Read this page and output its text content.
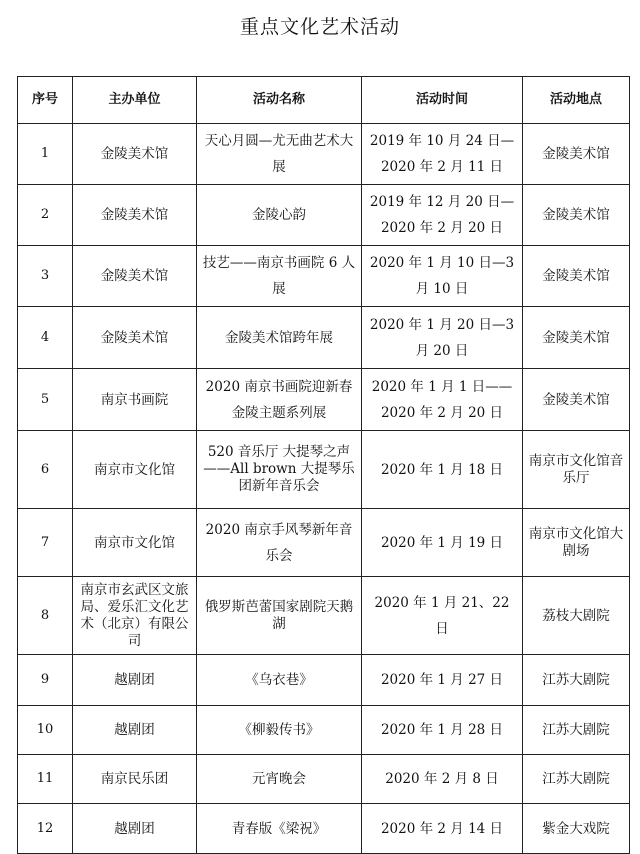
重点文化艺术活动
序号	主办单位	活动名称	活动时间	活动地点
1	金陵美术馆	天心月圆—尤无曲艺术大展	2019 年 10 月 24 日—2020 年 2 月 11 日	金陵美术馆
2	金陵美术馆	金陵心韵	2019 年 12 月 20 日—2020 年 2 月 20 日	金陵美术馆
3	金陵美术馆	技艺——南京书画院 6 人展	2020 年 1 月 10 日—3 月 10 日	金陵美术馆
4	金陵美术馆	金陵美术馆跨年展	2020 年 1 月 20 日—3 月 20 日	金陵美术馆
5	南京书画院	2020 南京书画院迎新春金陵主题系列展	2020 年 1 月 1 日——2020 年 2 月 20 日	金陵美术馆
6	南京市文化馆	520 音乐厅 大提琴之声——All brown 大提琴乐团新年音乐会	2020 年 1 月 18 日	南京市文化馆音乐厅
7	南京市文化馆	2020 南京手风琴新年音乐会	2020 年 1 月 19 日	南京市文化馆大剧场
8	南京市玄武区文旅局、爱乐汇文化艺术（北京）有限公司	俄罗斯芭蕾国家剧院天鹅湖	2020 年 1 月 21、22 日	荔枝大剧院
9	越剧团	《乌衣巷》	2020 年 1 月 27 日	江苏大剧院
10	越剧团	《柳毅传书》	2020 年 1 月 28 日	江苏大剧院
11	南京民乐团	元宵晚会	2020 年 2 月 8 日	江苏大剧院
12	越剧团	青春版《梁祝》	2020 年 2 月 14 日	紫金大戏院
